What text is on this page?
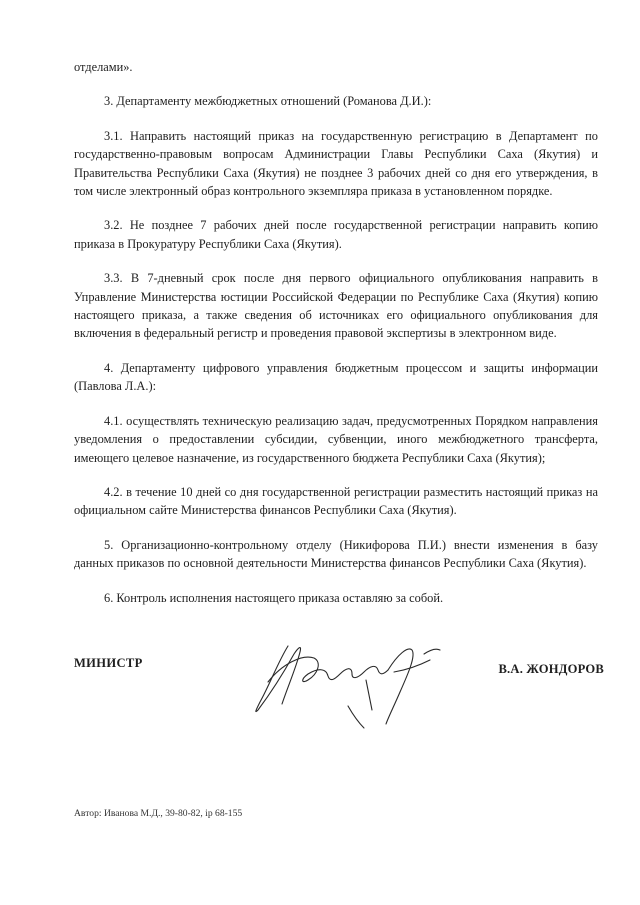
отделами».

3. Департаменту межбюджетных отношений (Романова Д.И.):

3.1. Направить настоящий приказ на государственную регистрацию в Департамент по государственно-правовым вопросам Администрации Главы Республики Саха (Якутия) и Правительства Республики Саха (Якутия) не позднее 3 рабочих дней со дня его утверждения, в том числе электронный образ контрольного экземпляра приказа в установленном порядке.

3.2. Не позднее 7 рабочих дней после государственной регистрации направить копию приказа в Прокуратуру Республики Саха (Якутия).

3.3. В 7-дневный срок после дня первого официального опубликования направить в Управление Министерства юстиции Российской Федерации по Республике Саха (Якутия) копию настоящего приказа, а также сведения об источниках его официального опубликования для включения в федеральный регистр и проведения правовой экспертизы в электронном виде.

4. Департаменту цифрового управления бюджетным процессом и защиты информации (Павлова Л.А.):

4.1. осуществлять техническую реализацию задач, предусмотренных Порядком направления уведомления о предоставлении субсидии, субвенции, иного межбюджетного трансферта, имеющего целевое назначение, из государственного бюджета Республики Саха (Якутия);

4.2. в течение 10 дней со дня государственной регистрации разместить настоящий приказ на официальном сайте Министерства финансов Республики Саха (Якутия).

5. Организационно-контрольному отделу (Никифорова П.И.) внести изменения в базу данных приказов по основной деятельности Министерства финансов Республики Саха (Якутия).

6. Контроль исполнения настоящего приказа оставляю за собой.

МИНИСТР	В.А. ЖОНДОРОВ
Автор: Иванова М.Д., 39-80-82, ip 68-155
